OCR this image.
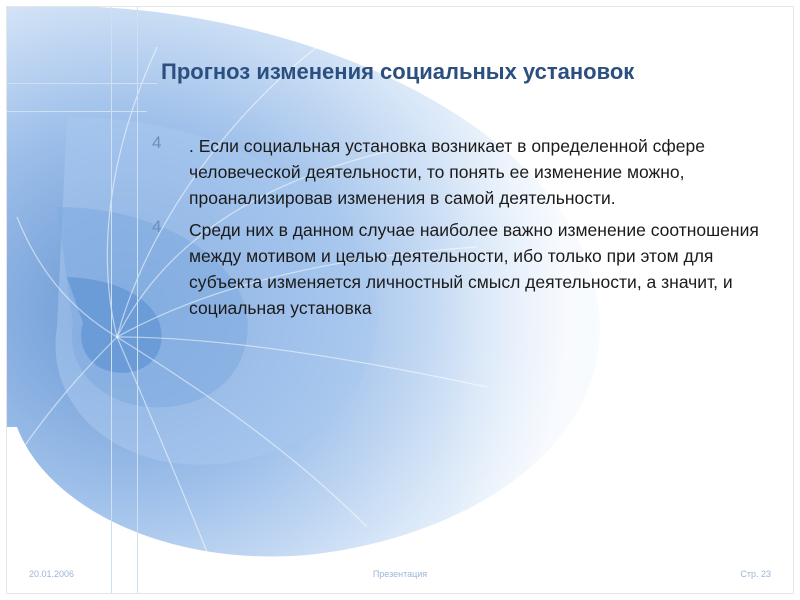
Прогноз изменения социальных установок
4 . Если социальная установка возникает в определенной сфере человеческой деятельности, то понять ее изменение можно, проанализировав изменения в самой деятельности.
4 Среди них в данном случае наиболее важно изменение соотношения между мотивом и целью деятельности, ибо только при этом для субъекта изменяется личностный смысл деятельности, а значит, и социальная установка
20.01.2006	Презентация	Стр. 23
